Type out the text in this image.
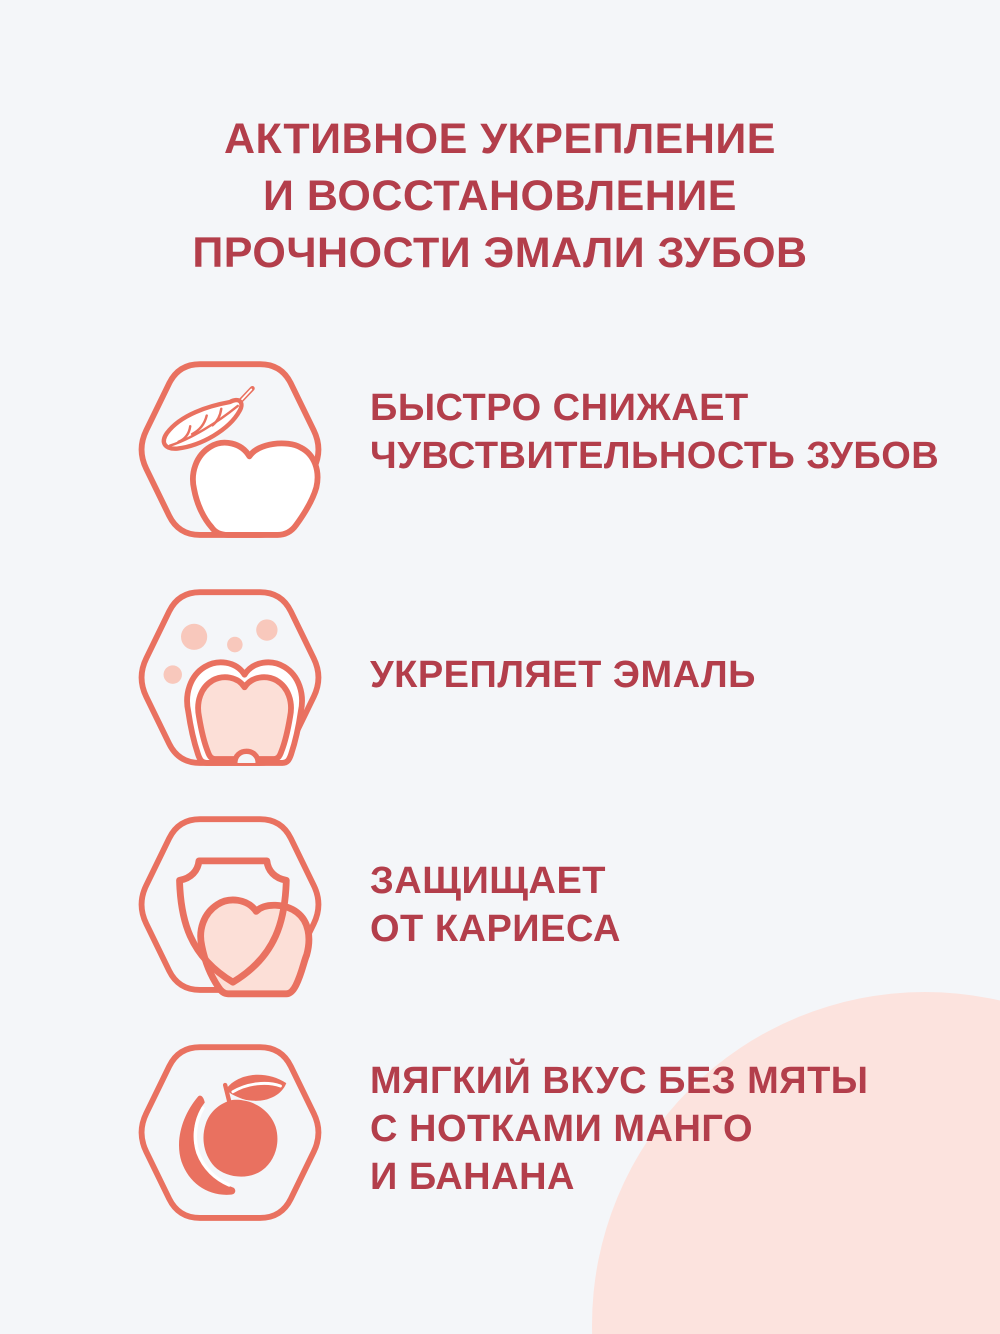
АКТИВНОЕ УКРЕПЛЕНИЕ
И ВОССТАНОВЛЕНИЕ
ПРОЧНОСТИ ЭМАЛИ ЗУБОВ
БЫСТРО СНИЖАЕТ
ЧУВСТВИТЕЛЬНОСТЬ ЗУБОВ
УКРЕПЛЯЕТ ЭМАЛЬ
ЗАЩИЩАЕТ
ОТ КАРИЕСА
МЯГКИЙ ВКУС БЕЗ МЯТЫ
С НОТКАМИ МАНГО
И БАНАНА
